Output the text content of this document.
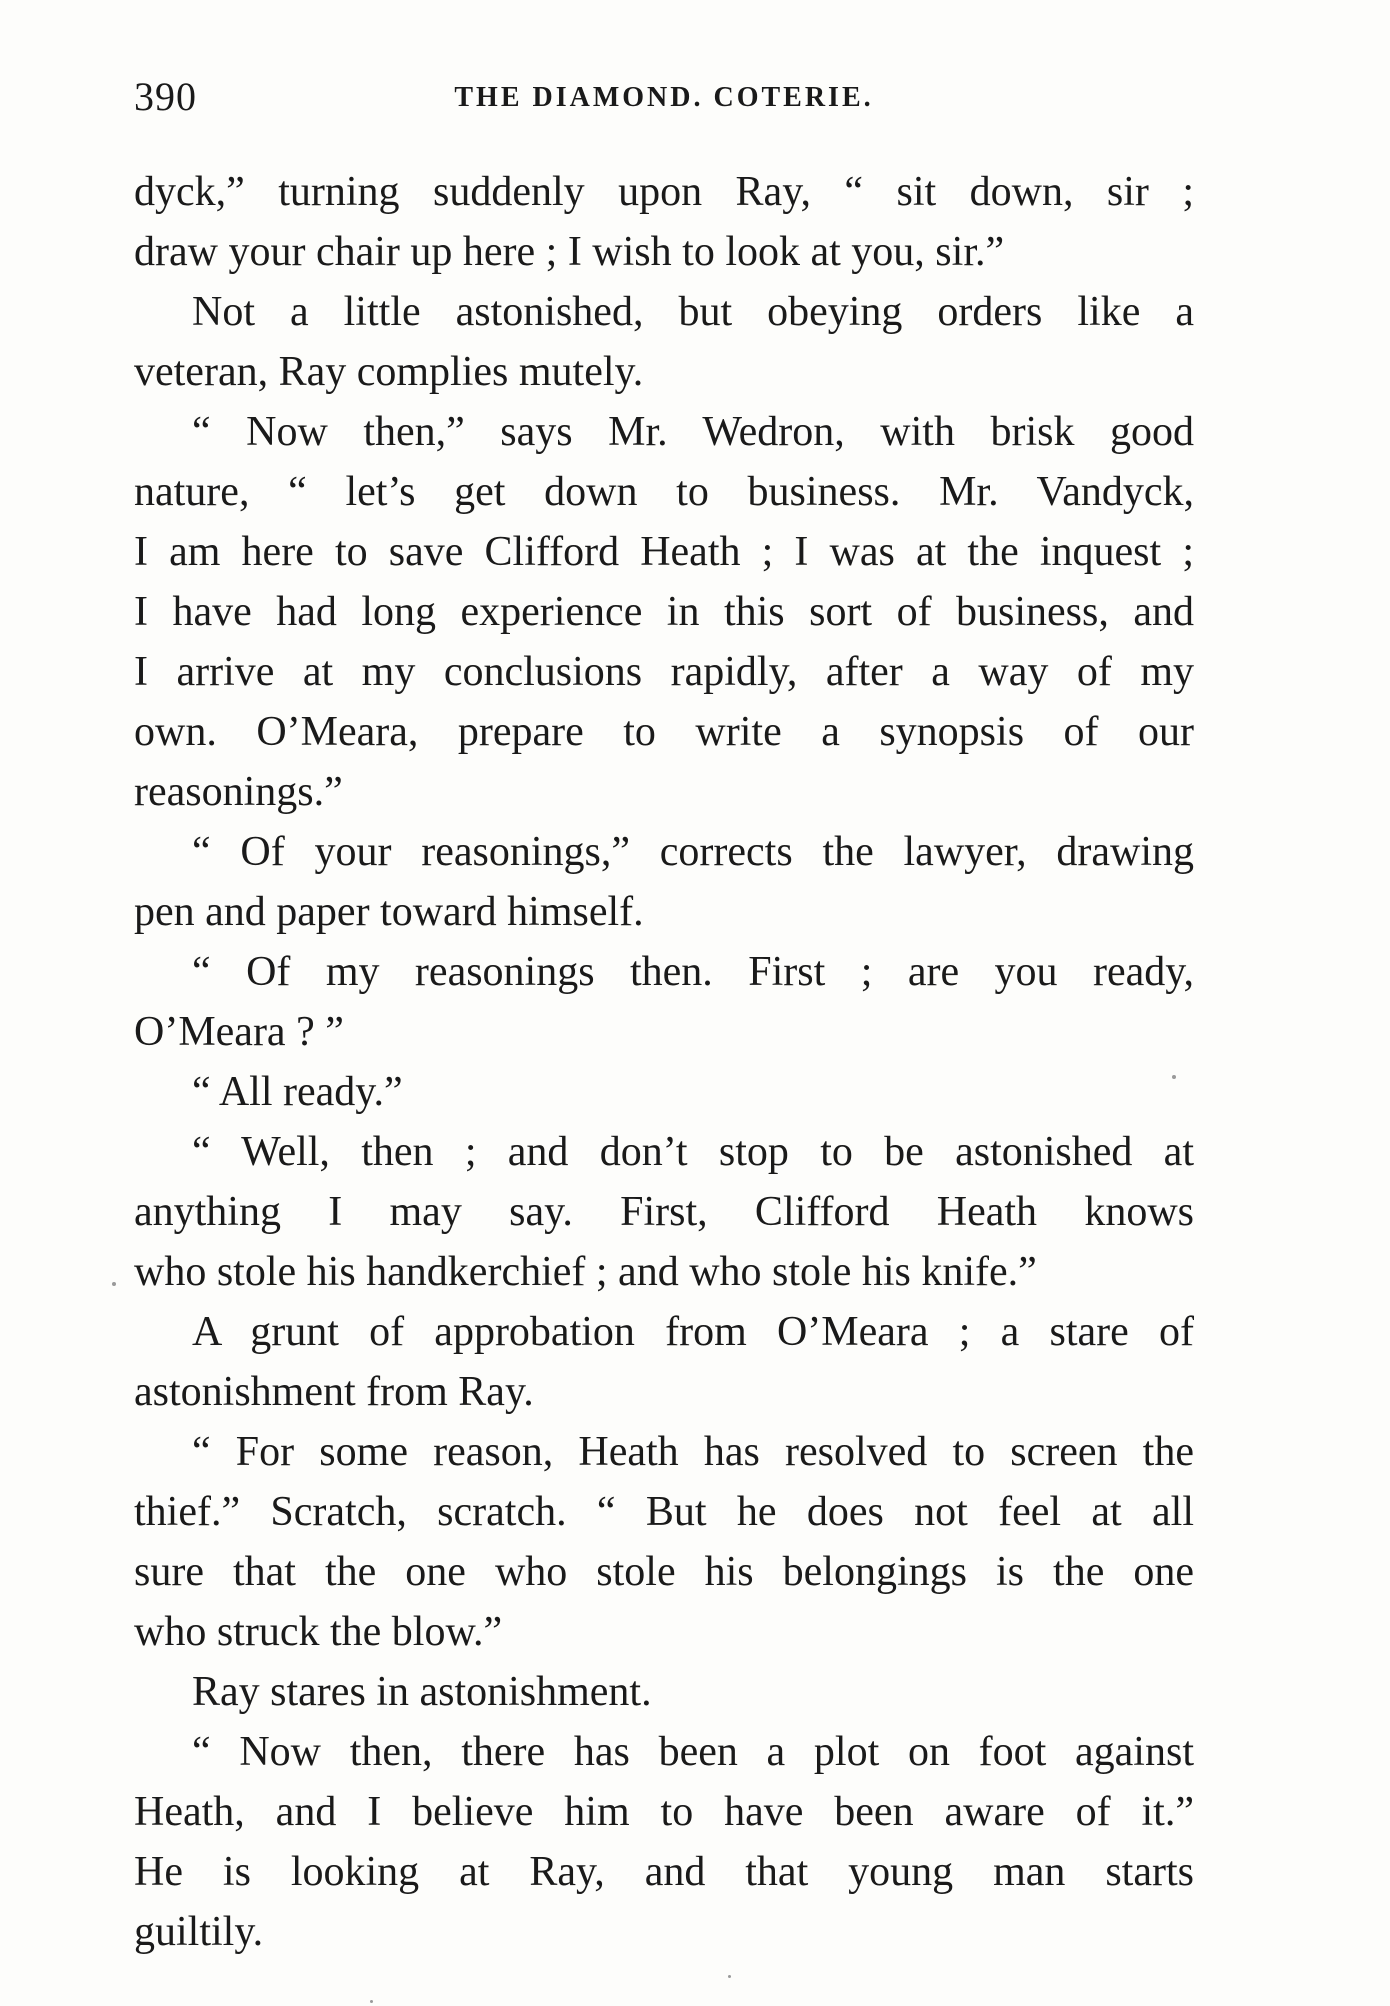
390	THE DIAMOND. COTERIE.
dyck,” turning suddenly upon Ray, “ sit down, sir ;
draw your chair up here ; I wish to look at you, sir.”
Not a little astonished, but obeying orders like a
veteran, Ray complies mutely.
“ Now then,” says Mr. Wedron, with brisk good
nature, “ let’s get down to business. Mr. Vandyck,
I am here to save Clifford Heath ; I was at the inquest ;
I have had long experience in this sort of business, and
I arrive at my conclusions rapidly, after a way of my
own. O’Meara, prepare to write a synopsis of our
reasonings.”
“ Of your reasonings,” corrects the lawyer, drawing
pen and paper toward himself.
“ Of my reasonings then. First ; are you ready,
O’Meara ? ”
“ All ready.”
“ Well, then ; and don’t stop to be astonished at
anything I may say. First, Clifford Heath knows
who stole his handkerchief ; and who stole his knife.”
A grunt of approbation from O’Meara ; a stare of
astonishment from Ray.
“ For some reason, Heath has resolved to screen the
thief.” Scratch, scratch. “ But he does not feel at all
sure that the one who stole his belongings is the one
who struck the blow.”
Ray stares in astonishment.
“ Now then, there has been a plot on foot against
Heath, and I believe him to have been aware of it.”
He is looking at Ray, and that young man starts
guiltily.
